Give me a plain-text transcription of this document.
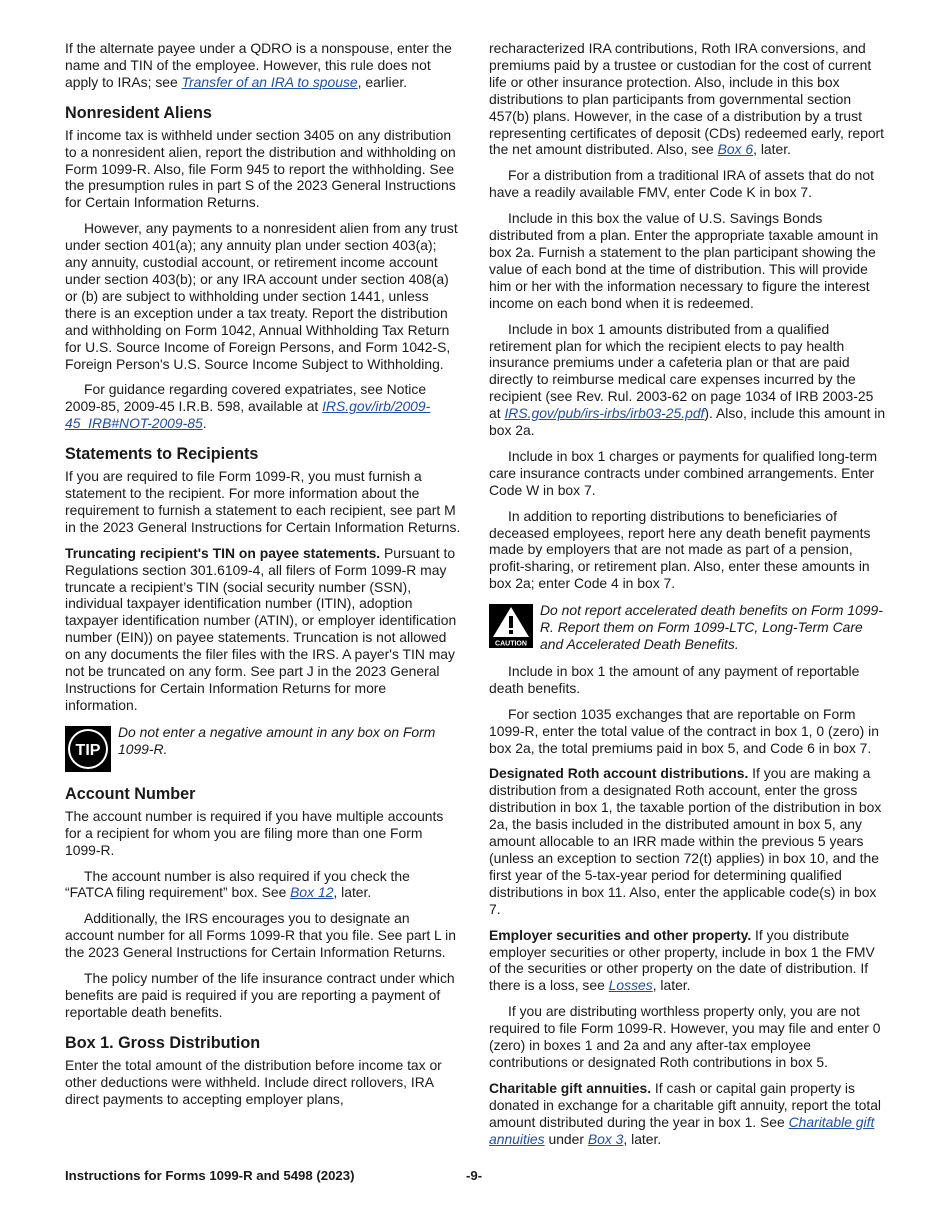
If the alternate payee under a QDRO is a nonspouse, enter the name and TIN of the employee. However, this rule does not apply to IRAs; see Transfer of an IRA to spouse, earlier.

Nonresident Aliens

If income tax is withheld under section 3405 on any distribution to a nonresident alien, report the distribution and withholding on Form 1099-R. Also, file Form 945 to report the withholding. See the presumption rules in part S of the 2023 General Instructions for Certain Information Returns.

However, any payments to a nonresident alien from any trust under section 401(a); any annuity plan under section 403(a); any annuity, custodial account, or retirement income account under section 403(b); or any IRA account under section 408(a) or (b) are subject to withholding under section 1441, unless there is an exception under a tax treaty. Report the distribution and withholding on Form 1042, Annual Withholding Tax Return for U.S. Source Income of Foreign Persons, and Form 1042-S, Foreign Person's U.S. Source Income Subject to Withholding.

For guidance regarding covered expatriates, see Notice 2009-85, 2009-45 I.R.B. 598, available at IRS.gov/irb/2009-45_IRB#NOT-2009-85.

Statements to Recipients

If you are required to file Form 1099-R, you must furnish a statement to the recipient. For more information about the requirement to furnish a statement to each recipient, see part M in the 2023 General Instructions for Certain Information Returns.

Truncating recipient's TIN on payee statements. Pursuant to Regulations section 301.6109-4, all filers of Form 1099-R may truncate a recipient’s TIN (social security number (SSN), individual taxpayer identification number (ITIN), adoption taxpayer identification number (ATIN), or employer identification number (EIN)) on payee statements. Truncation is not allowed on any documents the filer files with the IRS. A payer's TIN may not be truncated on any form. See part J in the 2023 General Instructions for Certain Information Returns for more information.

TIP
Do not enter a negative amount in any box on Form 1099-R.
Account Number

The account number is required if you have multiple accounts for a recipient for whom you are filing more than one Form 1099-R.

The account number is also required if you check the “FATCA filing requirement” box. See Box 12, later.

Additionally, the IRS encourages you to designate an account number for all Forms 1099-R that you file. See part L in the 2023 General Instructions for Certain Information Returns.

The policy number of the life insurance contract under which benefits are paid is required if you are reporting a payment of reportable death benefits.

Box 1. Gross Distribution

Enter the total amount of the distribution before income tax or other deductions were withheld. Include direct rollovers, IRA direct payments to accepting employer plans,

recharacterized IRA contributions, Roth IRA conversions, and premiums paid by a trustee or custodian for the cost of current life or other insurance protection. Also, include in this box distributions to plan participants from governmental section 457(b) plans. However, in the case of a distribution by a trust representing certificates of deposit (CDs) redeemed early, report the net amount distributed. Also, see Box 6, later.

For a distribution from a traditional IRA of assets that do not have a readily available FMV, enter Code K in box 7.

Include in this box the value of U.S. Savings Bonds distributed from a plan. Enter the appropriate taxable amount in box 2a. Furnish a statement to the plan participant showing the value of each bond at the time of distribution. This will provide him or her with the information necessary to figure the interest income on each bond when it is redeemed.

Include in box 1 amounts distributed from a qualified retirement plan for which the recipient elects to pay health insurance premiums under a cafeteria plan or that are paid directly to reimburse medical care expenses incurred by the recipient (see Rev. Rul. 2003-62 on page 1034 of IRB 2003-25 at IRS.gov/pub/irs-irbs/irb03-25.pdf). Also, include this amount in box 2a.

Include in box 1 charges or payments for qualified long-term care insurance contracts under combined arrangements. Enter Code W in box 7.

In addition to reporting distributions to beneficiaries of deceased employees, report here any death benefit payments made by employers that are not made as part of a pension, profit-sharing, or retirement plan. Also, enter these amounts in box 2a; enter Code 4 in box 7.

CAUTION
Do not report accelerated death benefits on Form 1099-R. Report them on Form 1099-LTC, Long-Term Care and Accelerated Death Benefits.

Include in box 1 the amount of any payment of reportable death benefits.

For section 1035 exchanges that are reportable on Form 1099-R, enter the total value of the contract in box 1, 0 (zero) in box 2a, the total premiums paid in box 5, and Code 6 in box 7.

Designated Roth account distributions. If you are making a distribution from a designated Roth account, enter the gross distribution in box 1, the taxable portion of the distribution in box 2a, the basis included in the distributed amount in box 5, any amount allocable to an IRR made within the previous 5 years (unless an exception to section 72(t) applies) in box 10, and the first year of the 5-tax-year period for determining qualified distributions in box 11. Also, enter the applicable code(s) in box 7.

Employer securities and other property. If you distribute employer securities or other property, include in box 1 the FMV of the securities or other property on the date of distribution. If there is a loss, see Losses, later.

If you are distributing worthless property only, you are not required to file Form 1099-R. However, you may file and enter 0 (zero) in boxes 1 and 2a and any after-tax employee contributions or designated Roth contributions in box 5.

Charitable gift annuities. If cash or capital gain property is donated in exchange for a charitable gift annuity, report the total amount distributed during the year in box 1. See Charitable gift annuities under Box 3, later.

Instructions for Forms 1099-R and 5498 (2023)	-9-
